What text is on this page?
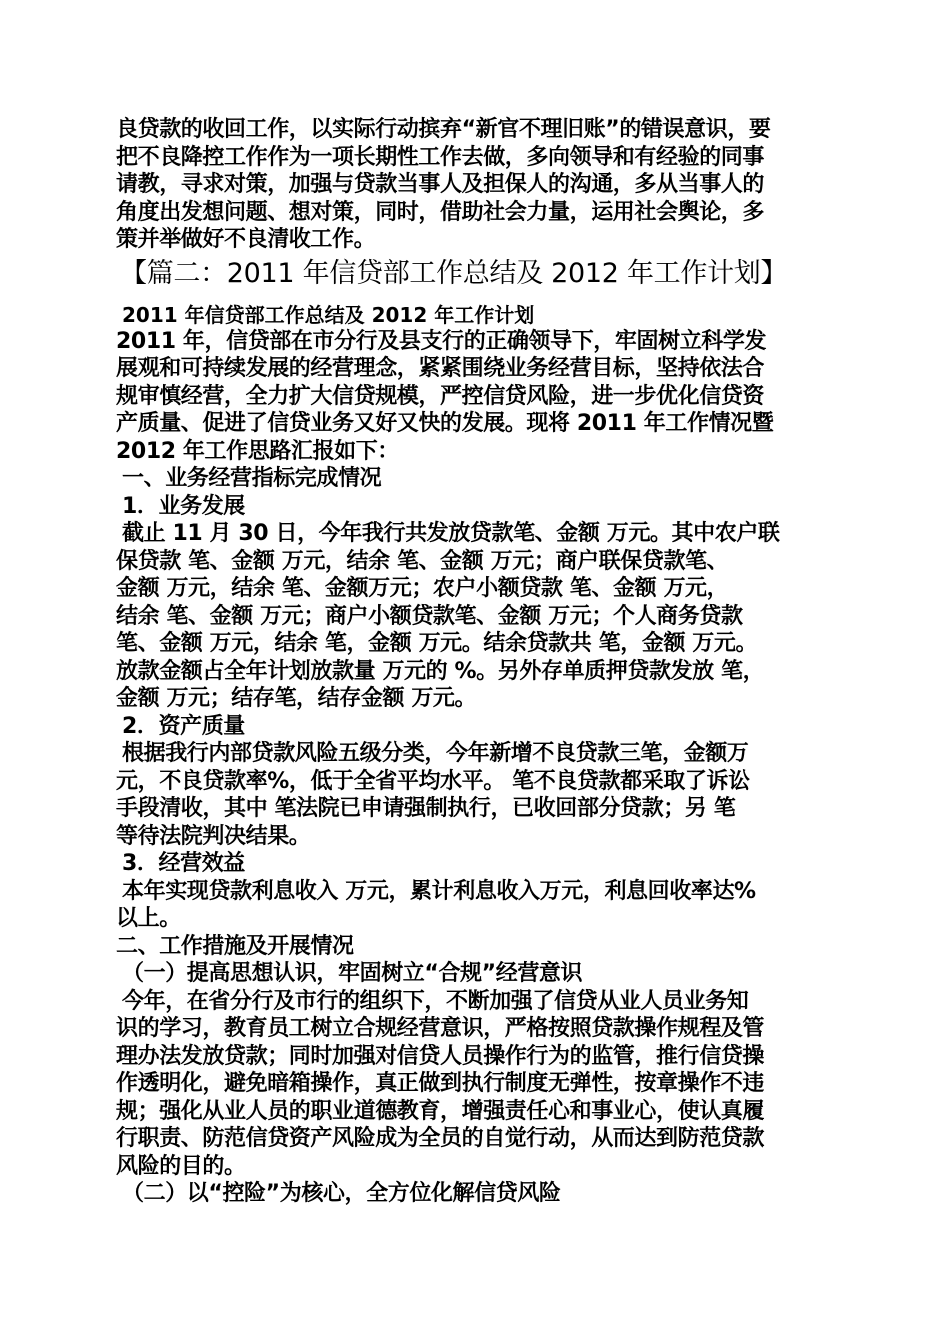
良贷款的收回工作，以实际行动摈弃“新官不理旧账”的错误意识，要
把不良降控工作作为一项长期性工作去做，多向领导和有经验的同事
请教，寻求对策，加强与贷款当事人及担保人的沟通，多从当事人的
角度出发想问题、想对策，同时，借助社会力量，运用社会舆论，多
策并举做好不良清收工作。
【篇二：2011 年信贷部工作总结及 2012 年工作计划】
2011 年信贷部工作总结及 2012 年工作计划
2011 年，信贷部在市分行及县支行的正确领导下，牢固树立科学发
展观和可持续发展的经营理念，紧紧围绕业务经营目标，坚持依法合
规审慎经营，全力扩大信贷规模，严控信贷风险，进一步优化信贷资
产质量、促进了信贷业务又好又快的发展。现将 2011 年工作情况暨
2012 年工作思路汇报如下：
一、业务经营指标完成情况
1．业务发展
截止 11 月 30 日，今年我行共发放贷款笔、金额 万元。其中农户联
保贷款 笔、金额 万元，结余 笔、金额 万元；商户联保贷款笔、
金额 万元，结余 笔、金额万元；农户小额贷款 笔、金额 万元，
结余 笔、金额 万元；商户小额贷款笔、金额 万元；个人商务贷款
笔、金额 万元，结余 笔，金额 万元。结余贷款共 笔，金额 万元。
放款金额占全年计划放款量 万元的 %。另外存单质押贷款发放 笔，
金额 万元；结存笔，结存金额 万元。
2．资产质量
根据我行内部贷款风险五级分类，今年新增不良贷款三笔，金额万
元，不良贷款率%，低于全省平均水平。 笔不良贷款都采取了诉讼
手段清收，其中 笔法院已申请强制执行，已收回部分贷款；另 笔
等待法院判决结果。
3．经营效益
本年实现贷款利息收入 万元，累计利息收入万元，利息回收率达%
以上。
二、工作措施及开展情况
（一）提高思想认识，牢固树立“合规”经营意识
今年，在省分行及市行的组织下，不断加强了信贷从业人员业务知
识的学习，教育员工树立合规经营意识，严格按照贷款操作规程及管
理办法发放贷款；同时加强对信贷人员操作行为的监管，推行信贷操
作透明化，避免暗箱操作，真正做到执行制度无弹性，按章操作不违
规；强化从业人员的职业道德教育，增强责任心和事业心，使认真履
行职责、防范信贷资产风险成为全员的自觉行动，从而达到防范贷款
风险的目的。
（二）以“控险”为核心，全方位化解信贷风险
